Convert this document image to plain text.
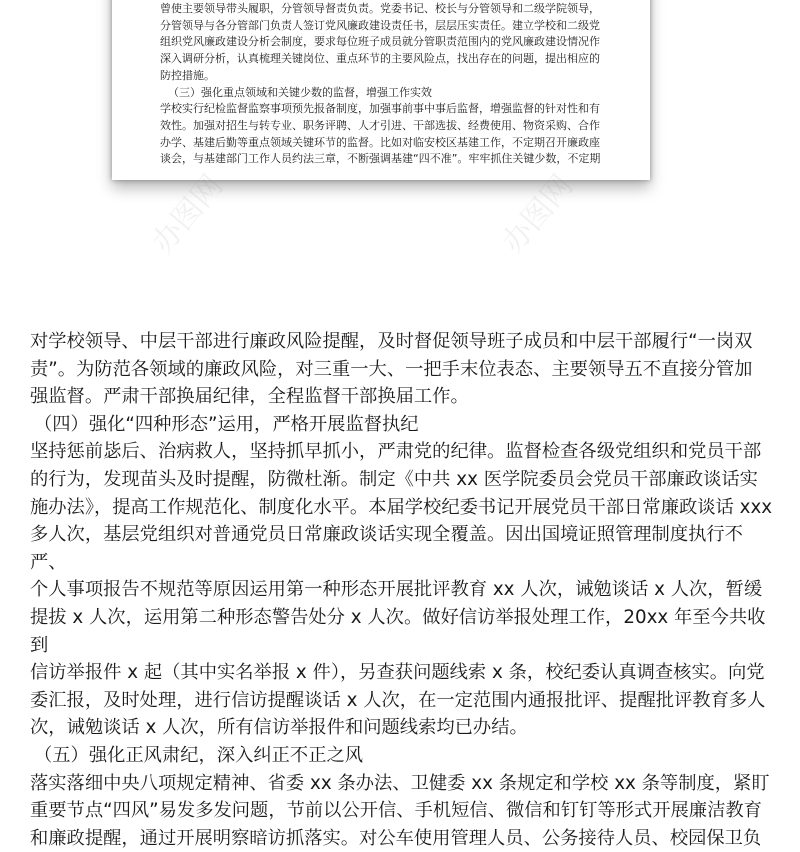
曾使主要领导带头履职，分管领导督责负责。党委书记、校长与分管领导和二级学院领导，

分管领导与各分管部门负责人签订党风廉政建设责任书，层层压实责任。建立学校和二级党

组织党风廉政建设分析会制度，要求每位班子成员就分管职责范围内的党风廉政建设情况作

深入调研分析，认真梳理关键岗位、重点环节的主要风险点，找出存在的问题，提出相应的

防控措施。

（三）强化重点领域和关键少数的监督，增强工作实效

学校实行纪检监督监察事项预先报备制度，加强事前事中事后监督，增强监督的针对性和有

效性。加强对招生与转专业、职务评聘、人才引进、干部选拔、经费使用、物资采购、合作

办学、基建后勤等重点领域关键环节的监督。比如对临安校区基建工作，不定期召开廉政座

谈会，与基建部门工作人员约法三章，不断强调基建“四不准”。牢牢抓住关键少数，不定期

办图网	办图网

对学校领导、中层干部进行廉政风险提醒，及时督促领导班子成员和中层干部履行“一岗双

责”。为防范各领域的廉政风险，对三重一大、一把手末位表态、主要领导五不直接分管加

强监督。严肃干部换届纪律，全程监督干部换届工作。

（四）强化“四种形态”运用，严格开展监督执纪

坚持惩前毖后、治病救人，坚持抓早抓小，严肃党的纪律。监督检查各级党组织和党员干部

的行为，发现苗头及时提醒，防微杜渐。制定《中共 xx 医学院委员会党员干部廉政谈话实

施办法》，提高工作规范化、制度化水平。本届学校纪委书记开展党员干部日常廉政谈话 xxx

多人次，基层党组织对普通党员日常廉政谈话实现全覆盖。因出国境证照管理制度执行不严、

个人事项报告不规范等原因运用第一种形态开展批评教育 xx 人次，诫勉谈话 x 人次，暂缓

提拔 x 人次，运用第二种形态警告处分 x 人次。做好信访举报处理工作，20xx 年至今共收到

信访举报件 x 起（其中实名举报 x 件），另查获问题线索 x 条，校纪委认真调查核实。向党

委汇报，及时处理，进行信访提醒谈话 x 人次，在一定范围内通报批评、提醒批评教育多人

次，诫勉谈话 x 人次，所有信访举报件和问题线索均已办结。

（五）强化正风肃纪，深入纠正不正之风

落实落细中央八项规定精神、省委 xx 条办法、卫健委 xx 条规定和学校 xx 条等制度，紧盯

重要节点“四风”易发多发问题，节前以公开信、手机短信、微信和钉钉等形式开展廉洁教育

和廉政提醒，通过开展明察暗访抓落实。对公车使用管理人员、公务接待人员、校园保卫负
